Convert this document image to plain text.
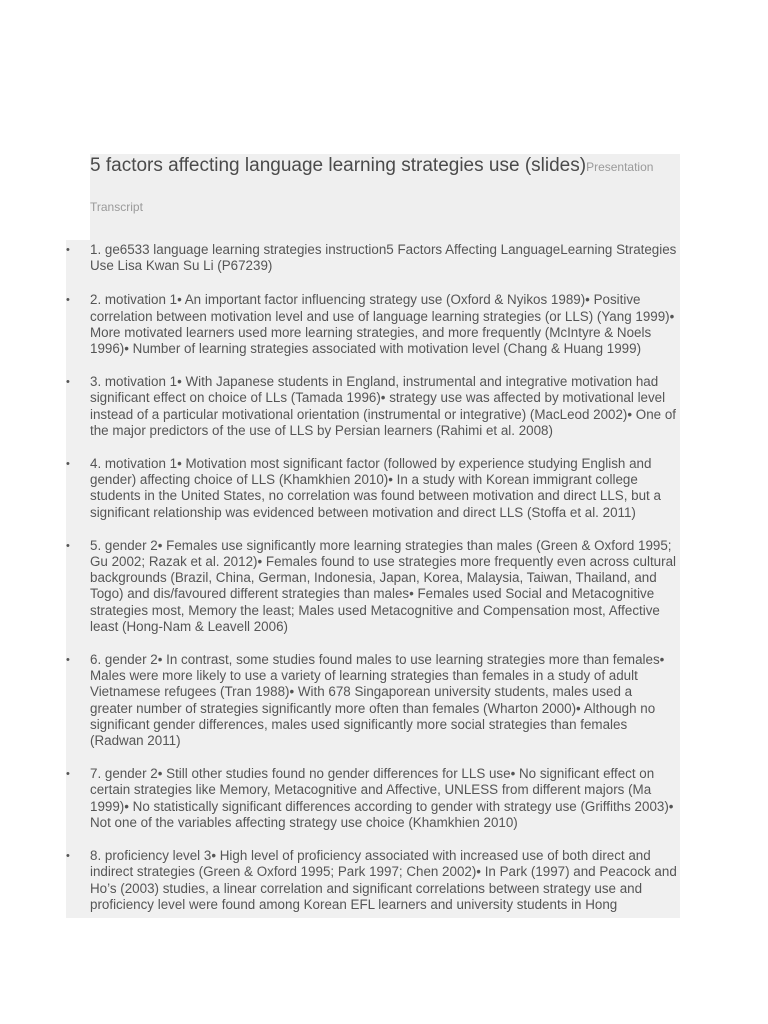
5 factors affecting language learning strategies use (slides)Presentation
Transcript
• 1. ge6533 language learning strategies instruction5 Factors Affecting LanguageLearning Strategies Use Lisa Kwan Su Li (P67239)
• 2. motivation 1• An important factor influencing strategy use (Oxford & Nyikos 1989)• Positive correlation between motivation level and use of language learning strategies (or LLS) (Yang 1999)• More motivated learners used more learning strategies, and more frequently (McIntyre & Noels 1996)• Number of learning strategies associated with motivation level (Chang & Huang 1999)
• 3. motivation 1• With Japanese students in England, instrumental and integrative motivation had significant effect on choice of LLs (Tamada 1996)• strategy use was affected by motivational level instead of a particular motivational orientation (instrumental or integrative) (MacLeod 2002)• One of the major predictors of the use of LLS by Persian learners (Rahimi et al. 2008)
• 4. motivation 1• Motivation most significant factor (followed by experience studying English and gender) affecting choice of LLS (Khamkhien 2010)• In a study with Korean immigrant college students in the United States, no correlation was found between motivation and direct LLS, but a significant relationship was evidenced between motivation and direct LLS (Stoffa et al. 2011)
• 5. gender 2• Females use significantly more learning strategies than males (Green & Oxford 1995; Gu 2002; Razak et al. 2012)• Females found to use strategies more frequently even across cultural backgrounds (Brazil, China, German, Indonesia, Japan, Korea, Malaysia, Taiwan, Thailand, and Togo) and dis/favoured different strategies than males• Females used Social and Metacognitive strategies most, Memory the least; Males used Metacognitive and Compensation most, Affective least (Hong-Nam & Leavell 2006)
• 6. gender 2• In contrast, some studies found males to use learning strategies more than females• Males were more likely to use a variety of learning strategies than females in a study of adult Vietnamese refugees (Tran 1988)• With 678 Singaporean university students, males used a greater number of strategies significantly more often than females (Wharton 2000)• Although no significant gender differences, males used significantly more social strategies than females (Radwan 2011)
• 7. gender 2• Still other studies found no gender differences for LLS use• No significant effect on certain strategies like Memory, Metacognitive and Affective, UNLESS from different majors (Ma 1999)• No statistically significant differences according to gender with strategy use (Griffiths 2003)• Not one of the variables affecting strategy use choice (Khamkhien 2010)
• 8. proficiency level 3• High level of proficiency associated with increased use of both direct and indirect strategies (Green & Oxford 1995; Park 1997; Chen 2002)• In Park (1997) and Peacock and Ho’s (2003) studies, a linear correlation and significant correlations between strategy use and proficiency level were found among Korean EFL learners and university students in Hong
